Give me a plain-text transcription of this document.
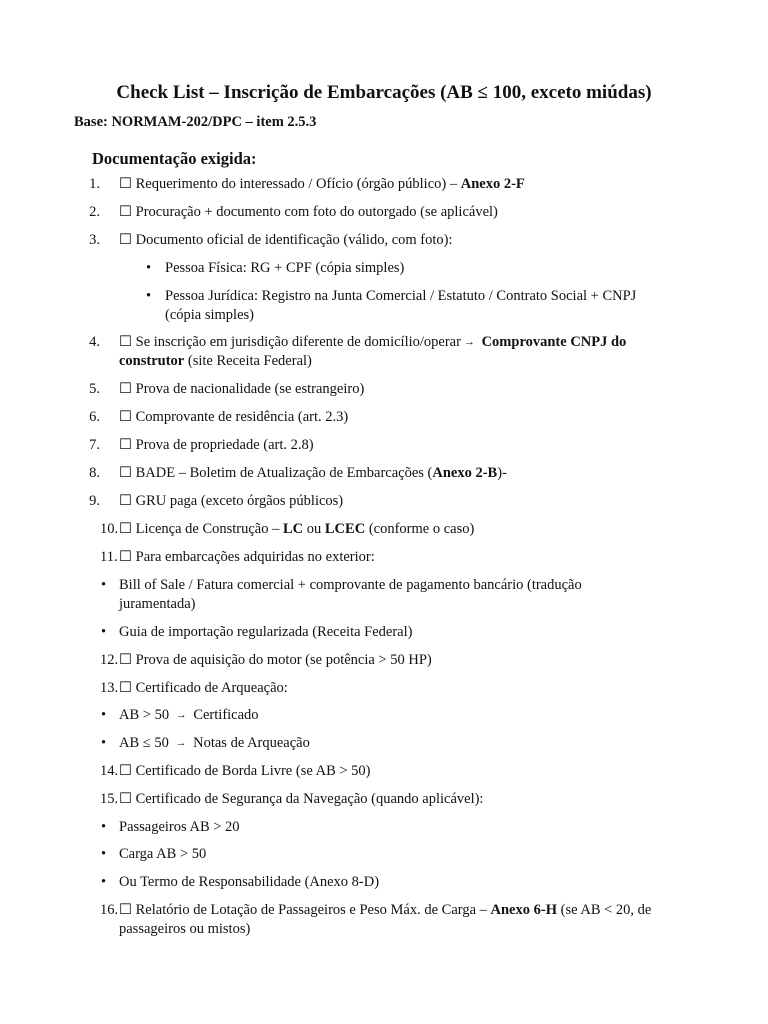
Check List – Inscrição de Embarcações (AB ≤ 100, exceto miúdas)

Base: NORMAM-202/DPC – item 2.5.3

Documentação exigida:
1.	☐ Requerimento do interessado / Ofício (órgão público) – Anexo 2-F
2.	☐ Procuração + documento com foto do outorgado (se aplicável)
3.	☐ Documento oficial de identificação (válido, com foto):
• Pessoa Física: RG + CPF (cópia simples)
• Pessoa Jurídica: Registro na Junta Comercial / Estatuto / Contrato Social + CNPJ
(cópia simples)
4.	☐ Se inscrição em jurisdição diferente de domicílio/operar → Comprovante CNPJ do
construtor (site Receita Federal)
5.	☐ Prova de nacionalidade (se estrangeiro)
6.	☐ Comprovante de residência (art. 2.3)
7.	☐ Prova de propriedade (art. 2.8)
8.	☐ BADE – Boletim de Atualização de Embarcações (Anexo 2-B)-
9.	☐ GRU paga (exceto órgãos públicos)
10. ☐ Licença de Construção – LC ou LCEC (conforme o caso)
11. ☐ Para embarcações adquiridas no exterior:
• Bill of Sale / Fatura comercial + comprovante de pagamento bancário (tradução
juramentada)
• Guia de importação regularizada (Receita Federal)
12. ☐ Prova de aquisição do motor (se potência > 50 HP)
13. ☐ Certificado de Arqueação:
• AB > 50 → Certificado
• AB ≤ 50 → Notas de Arqueação
14. ☐ Certificado de Borda Livre (se AB > 50)
15. ☐ Certificado de Segurança da Navegação (quando aplicável):
• Passageiros AB > 20
• Carga AB > 50
• Ou Termo de Responsabilidade (Anexo 8-D)
16. ☐ Relatório de Lotação de Passageiros e Peso Máx. de Carga – Anexo 6-H (se AB < 20, de
passageiros ou mistos)
